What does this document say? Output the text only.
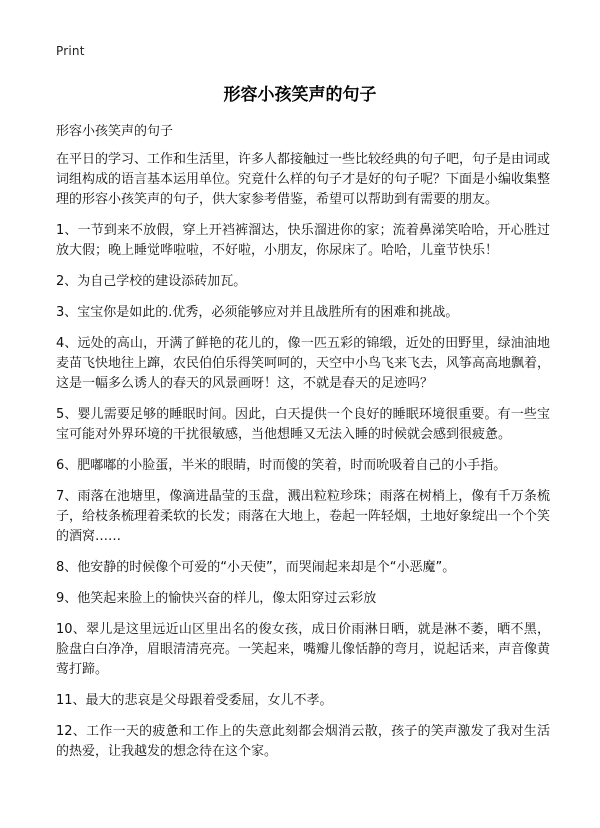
Print
形容小孩笑声的句子
形容小孩笑声的句子

在平日的学习、工作和生活里，许多人都接触过一些比较经典的句子吧，句子是由词或词组构成的语言基本运用单位。究竟什么样的句子才是好的句子呢？下面是小编收集整理的形容小孩笑声的句子，供大家参考借鉴，希望可以帮助到有需要的朋友。

1、一节到来不放假，穿上开裆裤溜达，快乐溜进你的家；流着鼻涕笑哈哈，开心胜过放大假；晚上睡觉哗啦啦，不好啦，小朋友，你尿床了。哈哈，儿童节快乐！

2、为自己学校的建设添砖加瓦。

3、宝宝你是如此的.优秀，必须能够应对并且战胜所有的困难和挑战。

4、远处的高山，开满了鲜艳的花儿的，像一匹五彩的锦缎，近处的田野里，绿油油地麦苗飞快地往上蹿，农民伯伯乐得笑呵呵的，天空中小鸟飞来飞去，风筝高高地飘着，这是一幅多么诱人的春天的风景画呀！这，不就是春天的足迹吗？

5、婴儿需要足够的睡眠时间。因此，白天提供一个良好的睡眠环境很重要。有一些宝宝可能对外界环境的干扰很敏感，当他想睡又无法入睡的时候就会感到很疲惫。

6、肥嘟嘟的小脸蛋，半米的眼睛，时而傻的笑着，时而吮吸着自己的小手指。

7、雨落在池塘里，像滴进晶莹的玉盘，溅出粒粒珍珠；雨落在树梢上，像有千万条梳子，给枝条梳理着柔软的长发；雨落在大地上，卷起一阵轻烟，土地好象绽出一个个笑的酒窝……

8、他安静的时候像个可爱的“小天使”，而哭闹起来却是个“小恶魔”。

9、他笑起来脸上的愉快兴奋的样儿，像太阳穿过云彩放

10、翠儿是这里远近山区里出名的俊女孩，成日价雨淋日晒，就是淋不萎，晒不黑，脸盘白白净净，眉眼清清亮亮。一笑起来，嘴瓣儿像恬静的弯月，说起话来，声音像黄莺打蹄。

11、最大的悲哀是父母跟着受委屈，女儿不孝。

12、工作一天的疲惫和工作上的失意此刻都会烟消云散，孩子的笑声激发了我对生活的热爱，让我越发的想念待在这个家。
